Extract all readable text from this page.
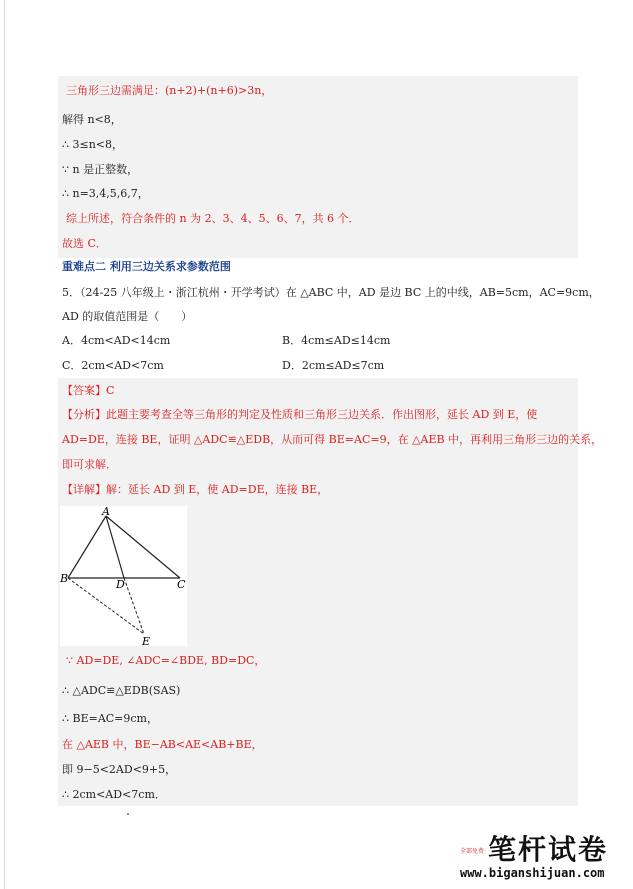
三角形三边需满足：(n+2)+(n+6)>3n，
解得 n<8，
∴ 3≤n<8，
∵ n 是正整数，
∴ n=3,4,5,6,7，
综上所述，符合条件的 n 为 2、3、4、5、6、7，共 6 个．
故选 C．
重难点二 利用三边关系求参数范围
5．（24-25 八年级上・浙江杭州・开学考试）在 △ABC 中，AD 是边 BC 上的中线，AB=5cm，AC=9cm，
AD 的取值范围是（　　）
A．4cm<AD<14cm	B．4cm≤AD≤14cm
C．2cm<AD<7cm	D．2cm≤AD≤7cm
【答案】C
【分析】此题主要考查全等三角形的判定及性质和三角形三边关系．作出图形，延长 AD 到 E，使
AD=DE，连接 BE，证明 △ADC≌△EDB，从而可得 BE=AC=9，在 △AEB 中，再利用三角形三边的关系，
即可求解．
【详解】解：延长 AD 到 E，使 AD=DE，连接 BE，
A
B	C
D
E
∵ AD=DE, ∠ADC=∠BDE, BD=DC，
∴ △ADC≌△EDB(SAS)
∴ BE=AC=9cm，
在 △AEB 中，BE−AB<AE<AB+BE，
即 9−5<2AD<9+5，
∴ 2cm<AD<7cm．
全部免费 笔杆试卷
www.biganshijuan.com
